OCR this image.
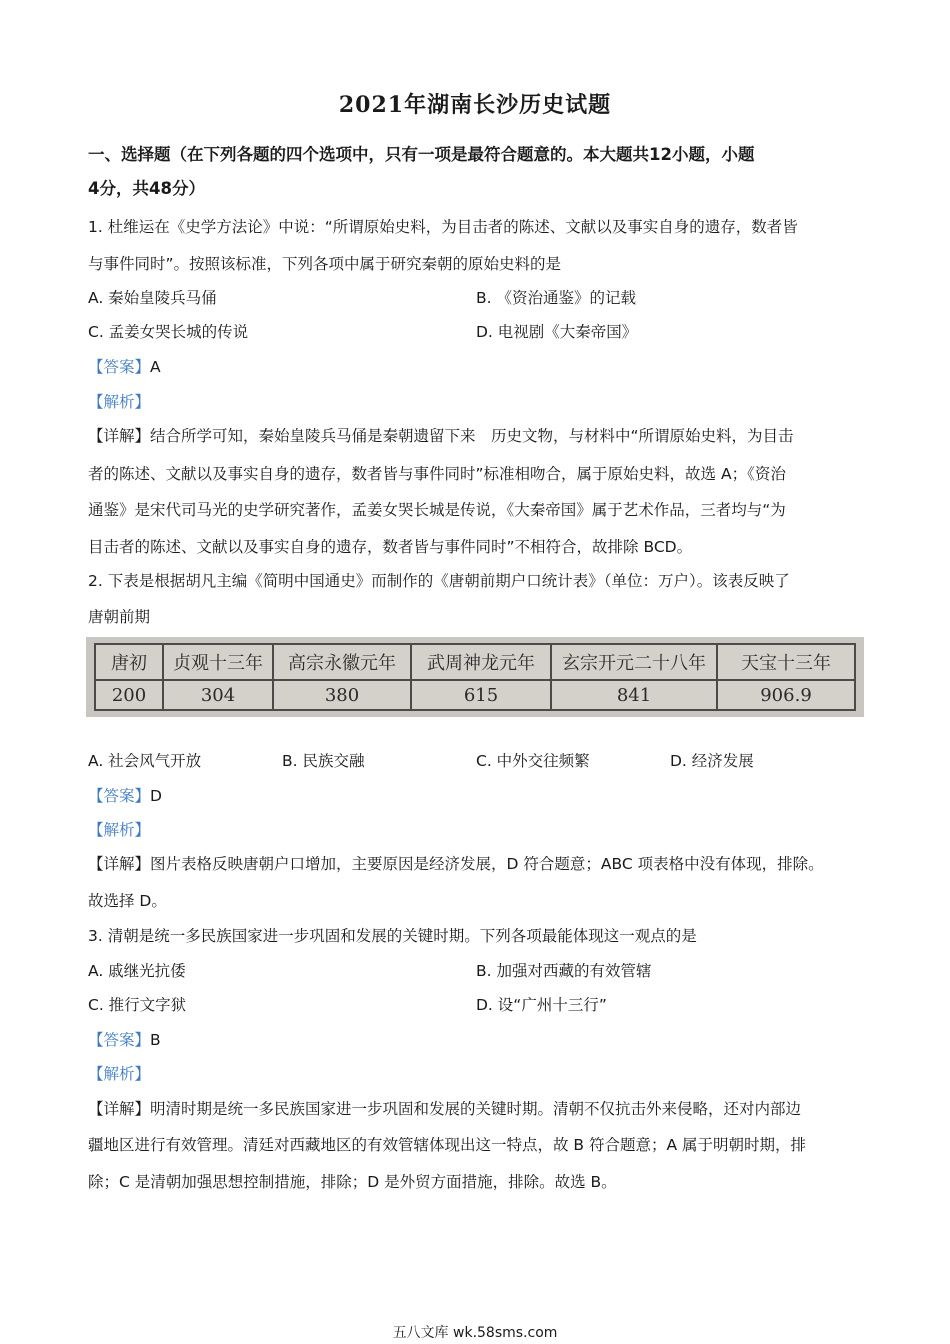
2021年湖南长沙历史试题
一、选择题（在下列各题的四个选项中，只有一项是最符合题意的。本大题共12小题，小题
4分，共48分）
1. 杜维运在《史学方法论》中说：“所谓原始史料，为目击者的陈述、文献以及事实自身的遗存，数者皆
与事件同时”。按照该标准，下列各项中属于研究秦朝的原始史料的是
A. 秦始皇陵兵马俑	B. 《资治通鉴》的记载
C. 孟姜女哭长城的传说	D. 电视剧《大秦帝国》
【答案】A
【解析】
【详解】结合所学可知，秦始皇陵兵马俑是秦朝遗留下来　历史文物，与材料中“所谓原始史料，为目击
者的陈述、文献以及事实自身的遗存，数者皆与事件同时”标准相吻合，属于原始史料，故选 A；《资治
通鉴》是宋代司马光的史学研究著作，孟姜女哭长城是传说，《大秦帝国》属于艺术作品，三者均与“为
目击者的陈述、文献以及事实自身的遗存，数者皆与事件同时”不相符合，故排除 BCD。
2. 下表是根据胡凡主编《简明中国通史》而制作的《唐朝前期户口统计表》（单位：万户）。该表反映了
唐朝前期
唐初	贞观十三年	高宗永徽元年	武周神龙元年	玄宗开元二十八年	天宝十三年
200	304	380	615	841	906.9
A. 社会风气开放	B. 民族交融	C. 中外交往频繁	D. 经济发展
【答案】D
【解析】
【详解】图片表格反映唐朝户口增加，主要原因是经济发展，D 符合题意；ABC 项表格中没有体现，排除。
故选择 D。
3. 清朝是统一多民族国家进一步巩固和发展的关键时期。下列各项最能体现这一观点的是
A. 戚继光抗倭	B. 加强对西藏的有效管辖
C. 推行文字狱	D. 设“广州十三行”
【答案】B
【解析】
【详解】明清时期是统一多民族国家进一步巩固和发展的关键时期。清朝不仅抗击外来侵略，还对内部边
疆地区进行有效管理。清廷对西藏地区的有效管辖体现出这一特点，故 B 符合题意；A 属于明朝时期，排
除；C 是清朝加强思想控制措施，排除；D 是外贸方面措施，排除。故选 B。
五八文库 wk.58sms.com
